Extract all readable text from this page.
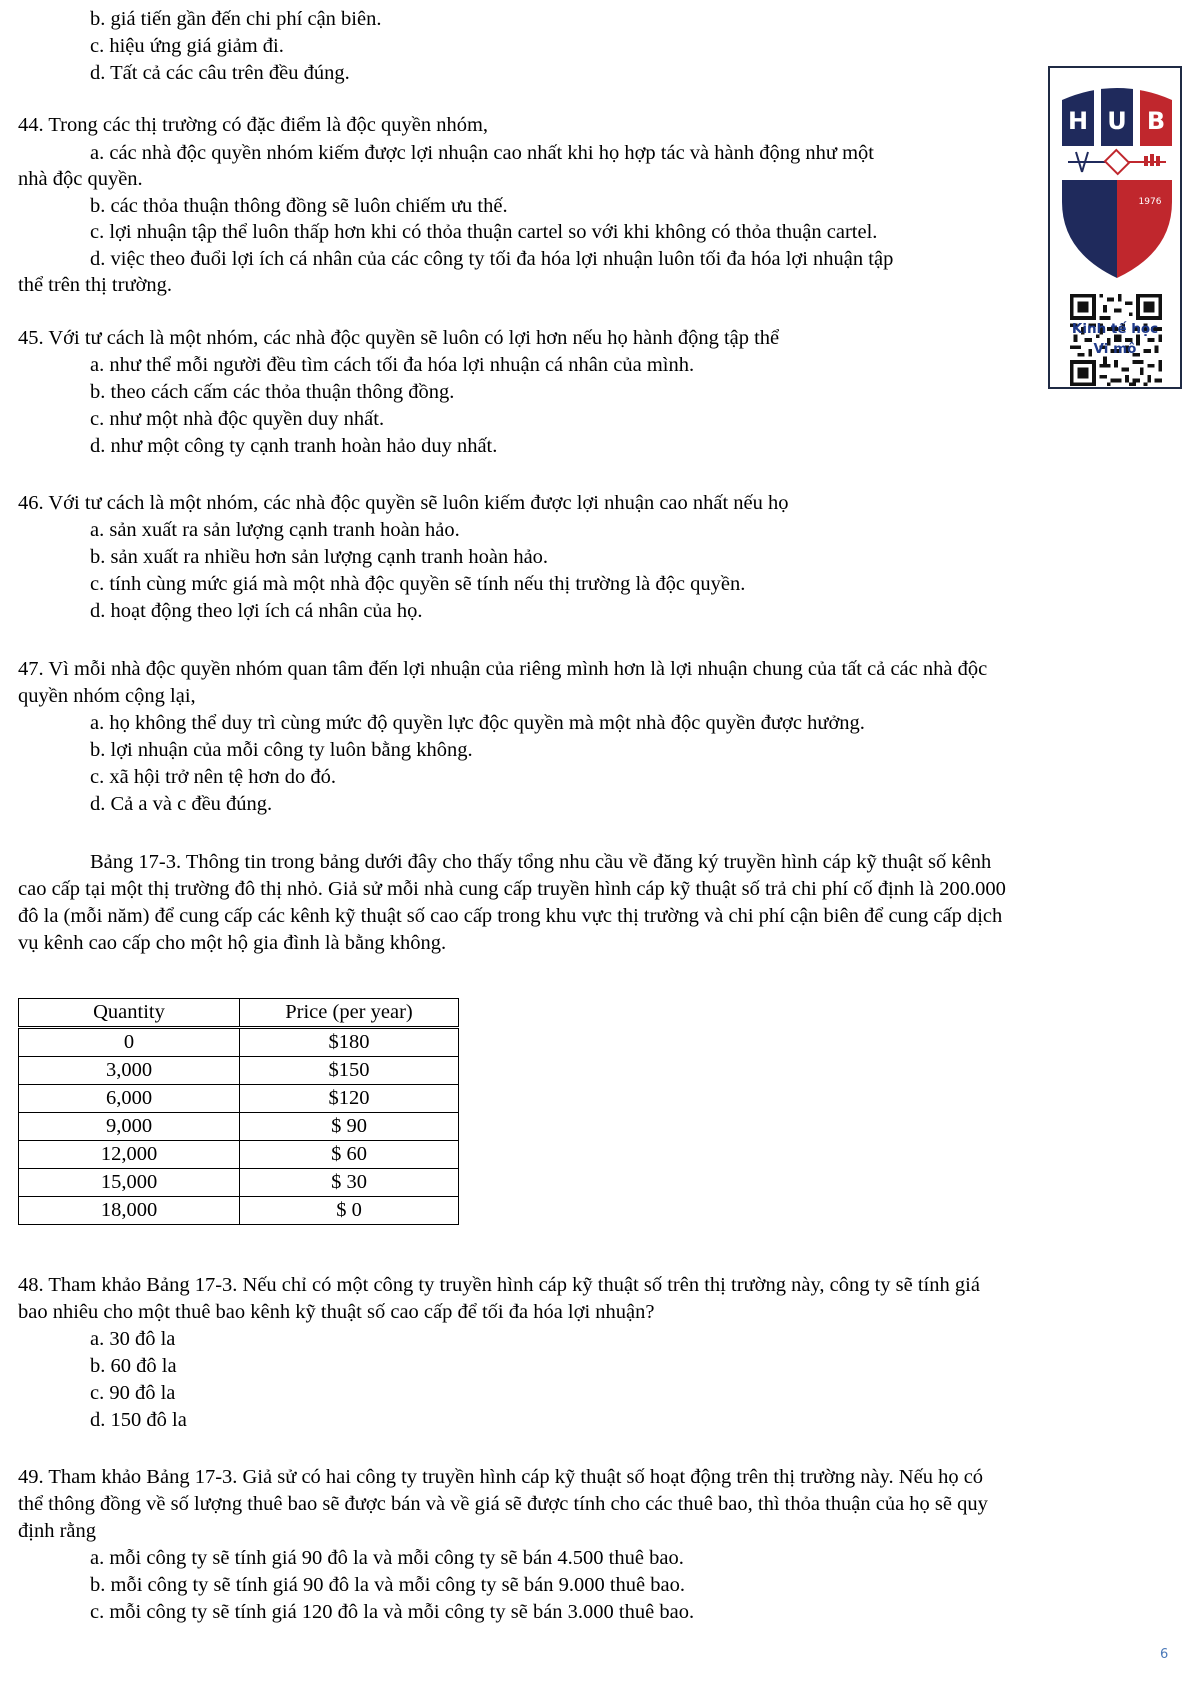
b. giá tiến gần đến chi phí cận biên.
c. hiệu ứng giá giảm đi.
d. Tất cả các câu trên đều đúng.
44. Trong các thị trường có đặc điểm là độc quyền nhóm,
a. các nhà độc quyền nhóm kiếm được lợi nhuận cao nhất khi họ hợp tác và hành động như một
nhà độc quyền.
b. các thỏa thuận thông đồng sẽ luôn chiếm ưu thế.
c. lợi nhuận tập thể luôn thấp hơn khi có thỏa thuận cartel so với khi không có thỏa thuận cartel.
d. việc theo đuổi lợi ích cá nhân của các công ty tối đa hóa lợi nhuận luôn tối đa hóa lợi nhuận tập
thể trên thị trường.
45. Với tư cách là một nhóm, các nhà độc quyền sẽ luôn có lợi hơn nếu họ hành động tập thể
a. như thể mỗi người đều tìm cách tối đa hóa lợi nhuận cá nhân của mình.
b. theo cách cấm các thỏa thuận thông đồng.
c. như một nhà độc quyền duy nhất.
d. như một công ty cạnh tranh hoàn hảo duy nhất.
46. Với tư cách là một nhóm, các nhà độc quyền sẽ luôn kiếm được lợi nhuận cao nhất nếu họ
a. sản xuất ra sản lượng cạnh tranh hoàn hảo.
b. sản xuất ra nhiều hơn sản lượng cạnh tranh hoàn hảo.
c. tính cùng mức giá mà một nhà độc quyền sẽ tính nếu thị trường là độc quyền.
d. hoạt động theo lợi ích cá nhân của họ.
47. Vì mỗi nhà độc quyền nhóm quan tâm đến lợi nhuận của riêng mình hơn là lợi nhuận chung của tất cả các nhà độc
quyền nhóm cộng lại,
a. họ không thể duy trì cùng mức độ quyền lực độc quyền mà một nhà độc quyền được hưởng.
b. lợi nhuận của mỗi công ty luôn bằng không.
c. xã hội trở nên tệ hơn do đó.
d. Cả a và c đều đúng.
Bảng 17-3. Thông tin trong bảng dưới đây cho thấy tổng nhu cầu về đăng ký truyền hình cáp kỹ thuật số kênh
cao cấp tại một thị trường đô thị nhỏ. Giả sử mỗi nhà cung cấp truyền hình cáp kỹ thuật số trả chi phí cố định là 200.000
đô la (mỗi năm) để cung cấp các kênh kỹ thuật số cao cấp trong khu vực thị trường và chi phí cận biên để cung cấp dịch
vụ kênh cao cấp cho một hộ gia đình là bằng không.
Quantity	Price (per year)
0	$180
3,000	$150
6,000	$120
9,000	$ 90
12,000	$ 60
15,000	$ 30
18,000	$ 0
48. Tham khảo Bảng 17-3. Nếu chỉ có một công ty truyền hình cáp kỹ thuật số trên thị trường này, công ty sẽ tính giá
bao nhiêu cho một thuê bao kênh kỹ thuật số cao cấp để tối đa hóa lợi nhuận?
a. 30 đô la
b. 60 đô la
c. 90 đô la
d. 150 đô la
49. Tham khảo Bảng 17-3. Giả sử có hai công ty truyền hình cáp kỹ thuật số hoạt động trên thị trường này. Nếu họ có
thể thông đồng về số lượng thuê bao sẽ được bán và về giá sẽ được tính cho các thuê bao, thì thỏa thuận của họ sẽ quy
định rằng
a. mỗi công ty sẽ tính giá 90 đô la và mỗi công ty sẽ bán 4.500 thuê bao.
b. mỗi công ty sẽ tính giá 90 đô la và mỗi công ty sẽ bán 9.000 thuê bao.
c. mỗi công ty sẽ tính giá 120 đô la và mỗi công ty sẽ bán 3.000 thuê bao.
H U B
1976
Kinh tế học
Vi mô
6
